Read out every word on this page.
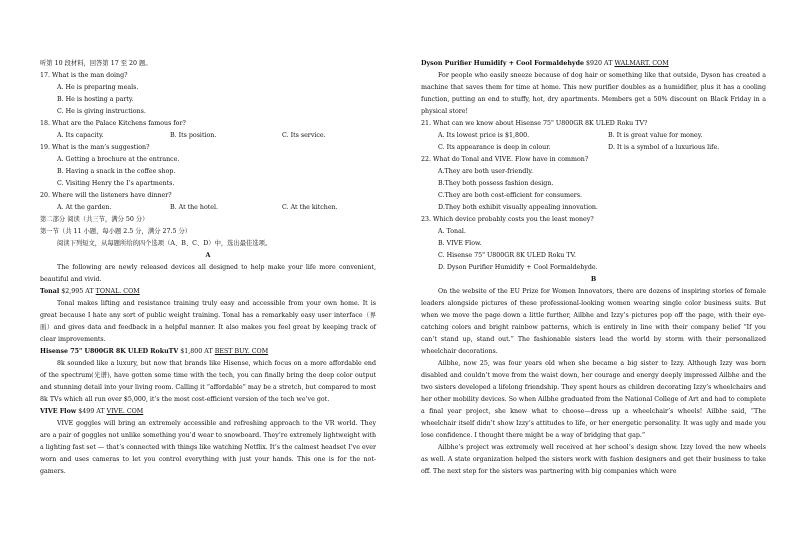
听第 10 段材料，回答第 17 至 20 题。
17. What is the man doing?
A. He is preparing meals.
B. He is hosting a party.
C. He is giving instructions.
18. What are the Palace Kitchens famous for?
A. Its capacity.	B. Its position.	C. Its service.
19. What is the man’s suggestion?
A. Getting a brochure at the entrance.
B. Having a snack in the coffee shop.
C. Visiting Henry the I’s apartments.
20. Where will the listeners have dinner?
A. At the garden.	B. At the hotel.	C. At the kitchen.
第二部分 阅读（共三节，满分 50 分）
第一节（共 11 小题，每小题 2.5 分，满分 27.5 分）
阅读下列短文，从每题所给的四个选项（A、B、C、D）中，选出最佳选项。
A
The following are newly released devices all designed to help make your life more convenient, beautiful and vivid.
Tonal $2,995 AT TONAL. COM
Tonal makes lifting and resistance training truly easy and accessible from your own home. It is great because I hate any sort of public weight training. Tonal has a remarkably easy user interface（界面）and gives data and feedback in a helpful manner. It also makes you feel great by keeping track of clear improvements.
Hisense 75" U800GR 8K ULED RokuTV $1,800 AT BEST BUY. COM
8k sounded like a luxury, but now that brands like Hisense, which focus on a more affordable end of the spectrum(光谱), have gotten some time with the tech, you can finally bring the deep color output and stunning detail into your living room. Calling it “affordable” may be a stretch, but compared to most 8k TVs which all run over $5,000, it’s the most cost-efficient version of the tech we’ve got.
VIVE Flow $499 AT VIVE. COM
VIVE goggles will bring an extremely accessible and refreshing approach to the VR world. They are a pair of goggles not unlike something you’d wear to snowboard. They’re extremely lightweight with a lighting fast set — that’s connected with things like watching Netflix. It’s the calmest headset I’ve ever worn and uses cameras to let you control everything with just your hands. This one is for the not-gamers.
Dyson Purifier Humidify + Cool Formaldehyde $920 AT WALMART. COM
For people who easily sneeze because of dog hair or something like that outside, Dyson has created a machine that saves them for time at home. This new purifier doubles as a humidifier, plus it has a cooling function, putting an end to stuffy, hot, dry apartments. Members get a 50% discount on Black Friday in a physical store!
21. What can we know about Hisense 75" U800GR 8K ULED Roku TV?
A. Its lowest price is $1,800.	B. It is great value for money.
C. Its appearance is deep in colour.	D. It is a symbol of a luxurious life.
22. What do Tonal and VIVE. Flow have in common?
A.They are both user-friendly.
B.They both possess fashion design.
C.They are both cost-efficient for consumers.
D.They both exhibit visually appealing innovation.
23. Which device probably costs you the least money?
A. Tonal.
B. VIVE Flow.
C. Hisense 75" U800GR 8K ULED Roku TV.
D. Dyson Purifier Humidify + Cool Formaldehyde.
B
On the website of the EU Prize for Women Innovators, there are dozens of inspiring stories of female leaders alongside pictures of these professional-looking women wearing single color business suits. But when we move the page down a little further, Ailbhe and Izzy’s pictures pop off the page, with their eye-catching colors and bright rainbow patterns, which is entirely in line with their company belief “If you can’t stand up, stand out.” The fashionable sisters lead the world by storm with their personalized wheelchair decorations.
Ailbhe, now 25, was four years old when she became a big sister to Izzy. Although Izzy was born disabled and couldn’t move from the waist down, her courage and energy deeply impressed Ailbhe and the two sisters developed a lifelong friendship. They spent hours as children decorating Izzy’s wheelchairs and her other mobility devices. So when Ailbhe graduated from the National College of Art and had to complete a final year project, she knew what to choose—dress up a wheelchair’s wheels! Ailbhe said, “The wheelchair itself didn’t show Izzy’s attitudes to life, or her energetic personality. It was ugly and made you lose confidence. I thought there might be a way of bridging that gap.”
Ailbhe’s project was extremely well received at her school’s design show. Izzy loved the new wheels as well. A state organization helped the sisters work with fashion designers and get their business to take off. The next step for the sisters was partnering with big companies which were
